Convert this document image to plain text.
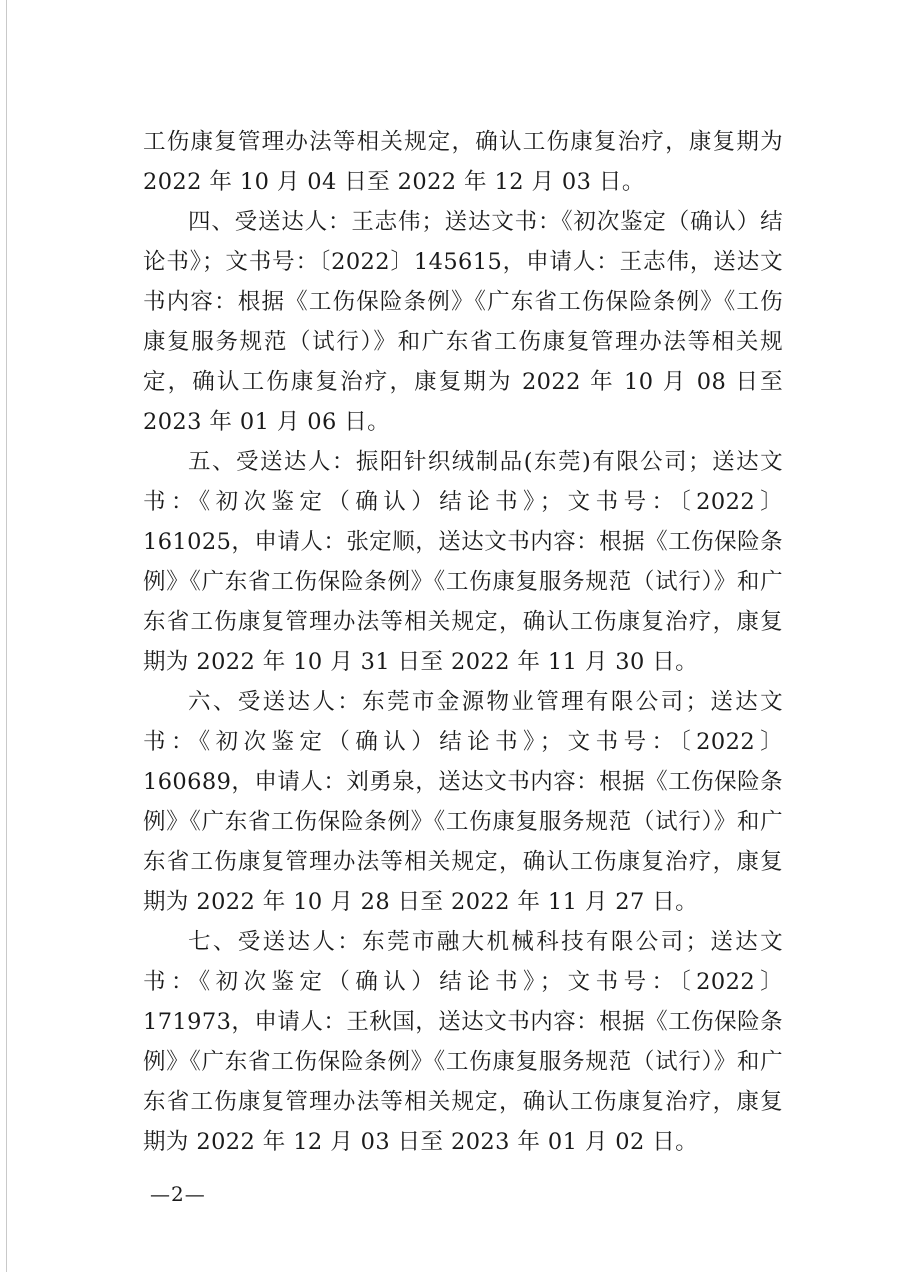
工伤康复管理办法等相关规定，确认工伤康复治疗，康复期为 2022 年 10 月 04 日至 2022 年 12 月 03 日。

四、受送达人：王志伟；送达文书：《初次鉴定（确认）结论书》；文书号：〔2022〕145615，申请人：王志伟，送达文书内容：根据《工伤保险条例》《广东省工伤保险条例》《工伤康复服务规范（试行）》和广东省工伤康复管理办法等相关规定，确认工伤康复治疗，康复期为 2022 年 10 月 08 日至 2023 年 01 月 06 日。

五、受送达人：振阳针织绒制品(东莞)有限公司；送达文书：《初次鉴定（确认）结论书》；文书号：〔2022〕161025，申请人：张定顺，送达文书内容：根据《工伤保险条例》《广东省工伤保险条例》《工伤康复服务规范（试行）》和广东省工伤康复管理办法等相关规定，确认工伤康复治疗，康复期为 2022 年 10 月 31 日至 2022 年 11 月 30 日。

六、受送达人：东莞市金源物业管理有限公司；送达文书：《初次鉴定（确认）结论书》；文书号：〔2022〕160689，申请人：刘勇泉，送达文书内容：根据《工伤保险条例》《广东省工伤保险条例》《工伤康复服务规范（试行）》和广东省工伤康复管理办法等相关规定，确认工伤康复治疗，康复期为 2022 年 10 月 28 日至 2022 年 11 月 27 日。

七、受送达人：东莞市融大机械科技有限公司；送达文书：《初次鉴定（确认）结论书》；文书号：〔2022〕171973，申请人：王秋国，送达文书内容：根据《工伤保险条例》《广东省工伤保险条例》《工伤康复服务规范（试行）》和广东省工伤康复管理办法等相关规定，确认工伤康复治疗，康复期为 2022 年 12 月 03 日至 2023 年 01 月 02 日。

—2—
